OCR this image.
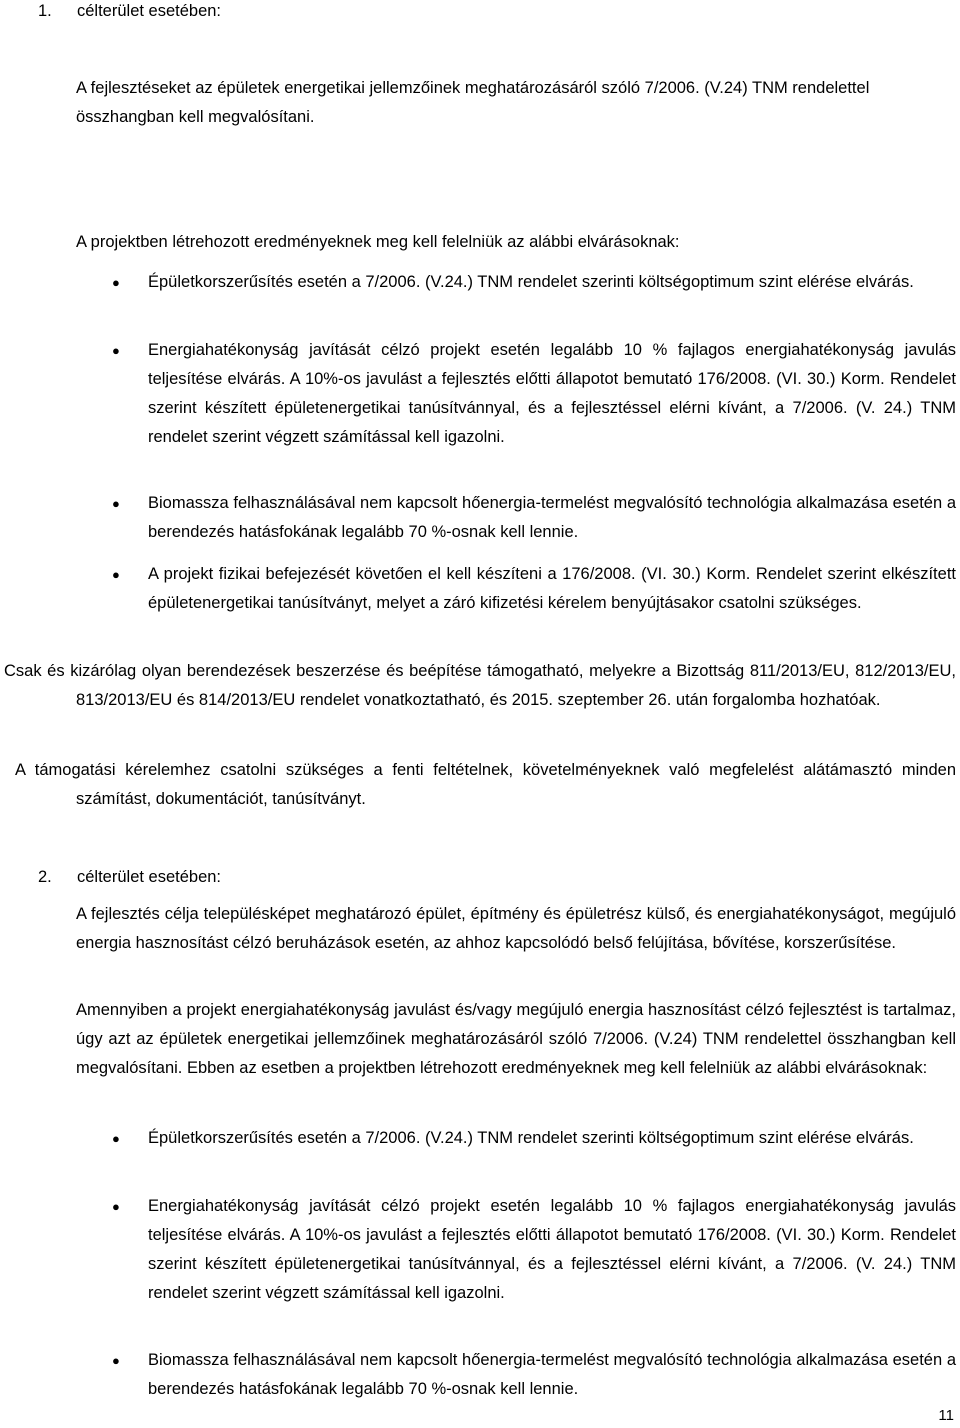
1. célterület esetében:
A fejlesztéseket az épületek energetikai jellemzőinek meghatározásáról szóló 7/2006. (V.24) TNM rendelettel összhangban kell megvalósítani.
A projektben létrehozott eredményeknek meg kell felelniük az alábbi elvárásoknak:
● Épületkorszerűsítés esetén a 7/2006. (V.24.) TNM rendelet szerinti költségoptimum szint elérése elvárás.
● Energiahatékonyság javítását célzó projekt esetén legalább 10 % fajlagos energiahatékonyság javulás teljesítése elvárás. A 10%-os javulást a fejlesztés előtti állapotot bemutató 176/2008. (VI. 30.) Korm. Rendelet szerint készített épületenergetikai tanúsítvánnyal, és a fejlesztéssel elérni kívánt, a 7/2006. (V. 24.) TNM rendelet szerint végzett számítással kell igazolni.
● Biomassza felhasználásával nem kapcsolt hőenergia-termelést megvalósító technológia alkalmazása esetén a berendezés hatásfokának legalább 70 %-osnak kell lennie.
● A projekt fizikai befejezését követően el kell készíteni a 176/2008. (VI. 30.) Korm. Rendelet szerint elkészített épületenergetikai tanúsítványt, melyet a záró kifizetési kérelem benyújtásakor csatolni szükséges.
Csak és kizárólag olyan berendezések beszerzése és beépítése támogatható, melyekre a Bizottság 811/2013/EU, 812/2013/EU, 813/2013/EU és 814/2013/EU rendelet vonatkoztatható, és 2015. szeptember 26. után forgalomba hozhatóak.
A támogatási kérelemhez csatolni szükséges a fenti feltételnek, követelményeknek való megfelelést alátámasztó minden számítást, dokumentációt, tanúsítványt.
2. célterület esetében:
A fejlesztés célja településképet meghatározó épület, építmény és épületrész külső, és energiahatékonyságot, megújuló energia hasznosítást célzó beruházások esetén, az ahhoz kapcsolódó belső felújítása, bővítése, korszerűsítése.
Amennyiben a projekt energiahatékonyság javulást és/vagy megújuló energia hasznosítást célzó fejlesztést is tartalmaz, úgy azt az épületek energetikai jellemzőinek meghatározásáról szóló 7/2006. (V.24) TNM rendelettel összhangban kell megvalósítani. Ebben az esetben a projektben létrehozott eredményeknek meg kell felelniük az alábbi elvárásoknak:
● Épületkorszerűsítés esetén a 7/2006. (V.24.) TNM rendelet szerinti költségoptimum szint elérése elvárás.
● Energiahatékonyság javítását célzó projekt esetén legalább 10 % fajlagos energiahatékonyság javulás teljesítése elvárás. A 10%-os javulást a fejlesztés előtti állapotot bemutató 176/2008. (VI. 30.) Korm. Rendelet szerint készített épületenergetikai tanúsítvánnyal, és a fejlesztéssel elérni kívánt, a 7/2006. (V. 24.) TNM rendelet szerint végzett számítással kell igazolni.
● Biomassza felhasználásával nem kapcsolt hőenergia-termelést megvalósító technológia alkalmazása esetén a berendezés hatásfokának legalább 70 %-osnak kell lennie.
11
